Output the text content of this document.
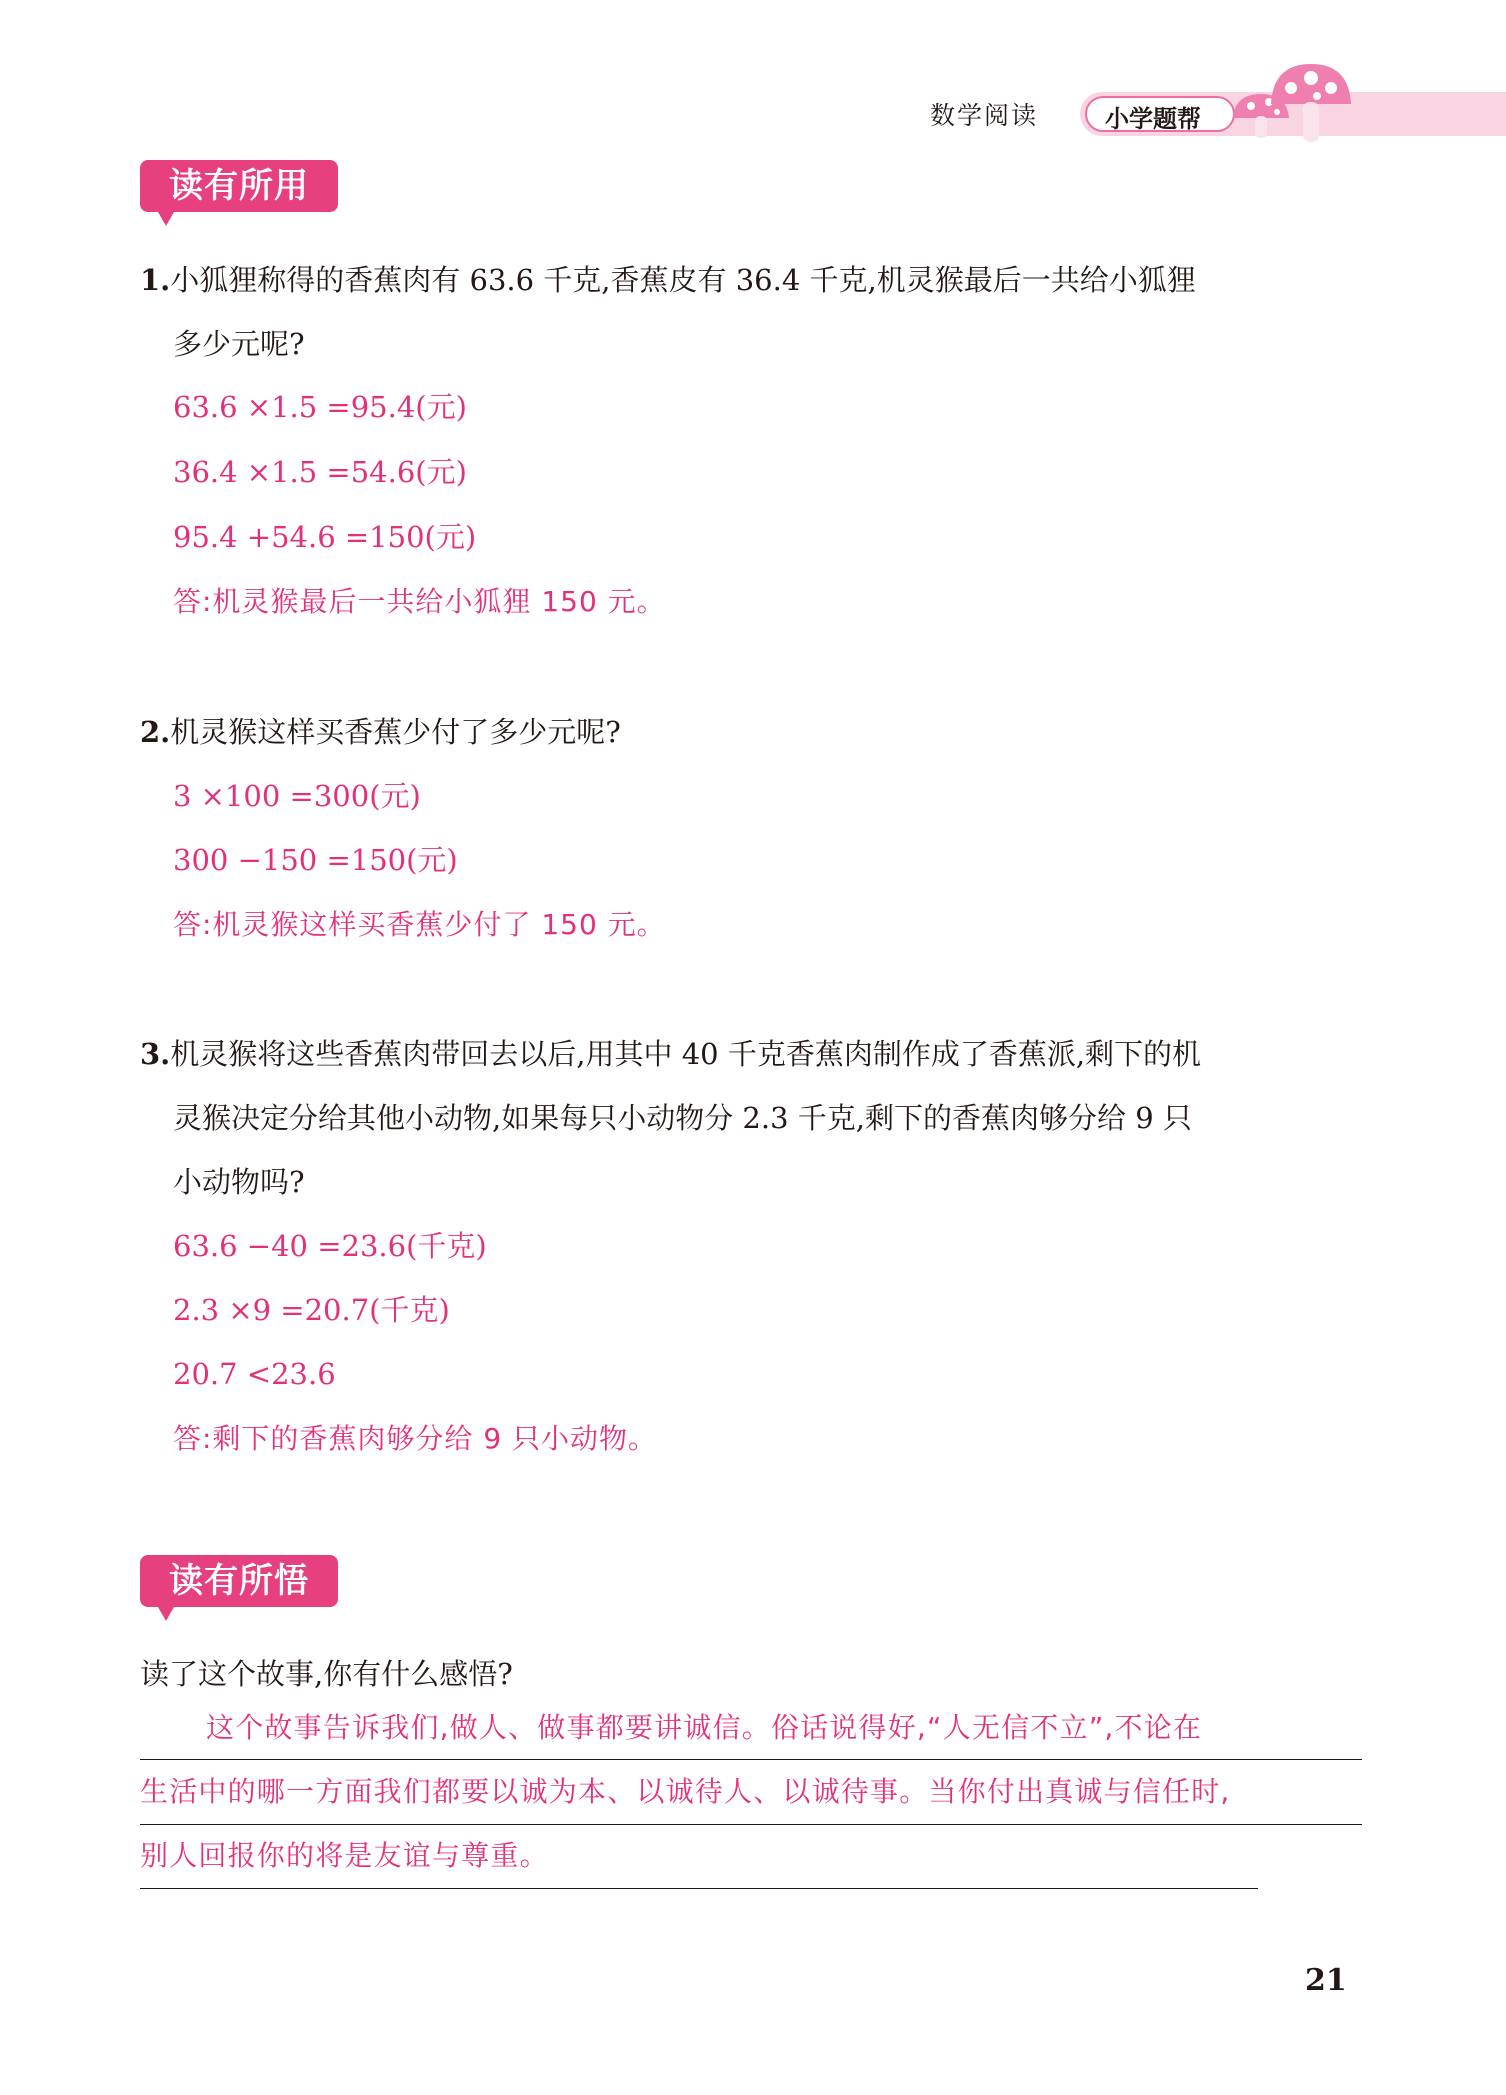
数学阅读	小学题帮
读有所用
1.小狐狸称得的香蕉肉有 63.6 千克,香蕉皮有 36.4 千克,机灵猴最后一共给小狐狸
多少元呢?
63.6 ×1.5 =95.4(元)
36.4 ×1.5 =54.6(元)
95.4 +54.6 =150(元)
答:机灵猴最后一共给小狐狸 150 元。
2.机灵猴这样买香蕉少付了多少元呢?
3 ×100 =300(元)
300 −150 =150(元)
答:机灵猴这样买香蕉少付了 150 元。
3.机灵猴将这些香蕉肉带回去以后,用其中 40 千克香蕉肉制作成了香蕉派,剩下的机
灵猴决定分给其他小动物,如果每只小动物分 2.3 千克,剩下的香蕉肉够分给 9 只
小动物吗?
63.6 −40 =23.6(千克)
2.3 ×9 =20.7(千克)
20.7 <23.6
答:剩下的香蕉肉够分给 9 只小动物。
读有所悟
读了这个故事,你有什么感悟?
这个故事告诉我们,做人、做事都要讲诚信。俗话说得好,“人无信不立”,不论在
生活中的哪一方面我们都要以诚为本、以诚待人、以诚待事。当你付出真诚与信任时,
别人回报你的将是友谊与尊重。
21
